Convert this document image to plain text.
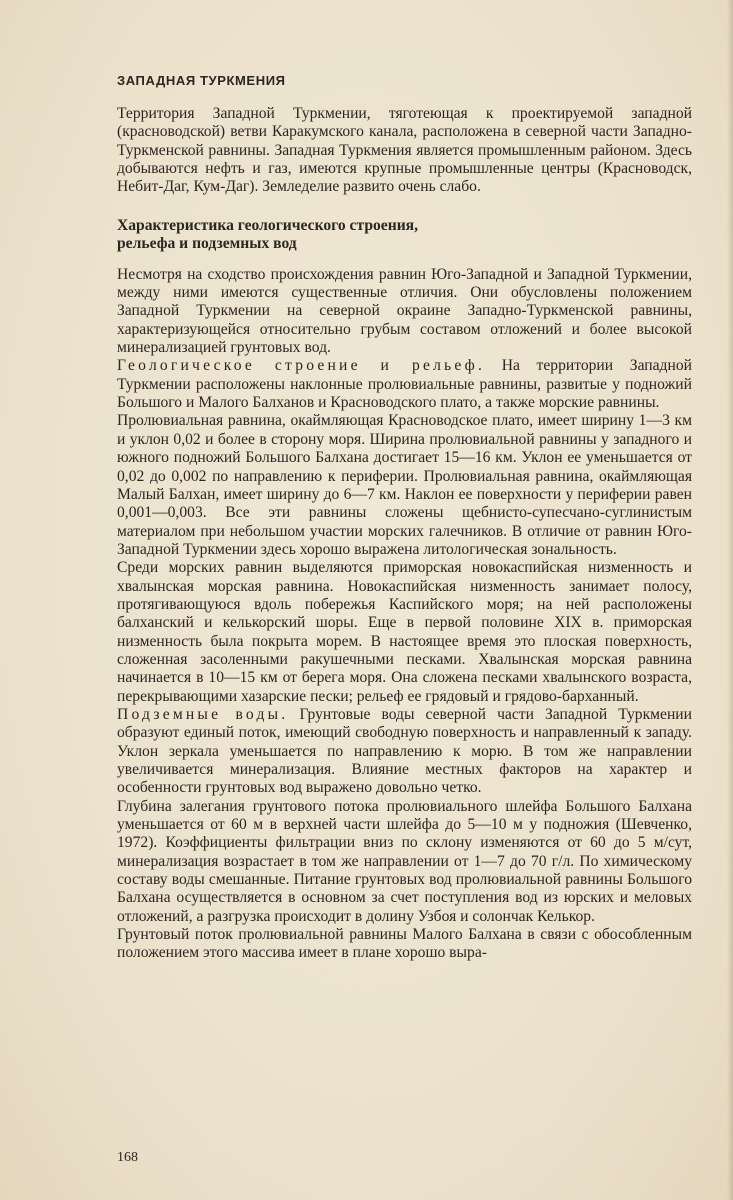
ЗАПАДНАЯ ТУРКМЕНИЯ

Территория Западной Туркмении, тяготеющая к проектируемой западной (красноводской) ветви Каракумского канала, расположена в северной части Западно-Туркменской равнины. Западная Туркмения является промышленным районом. Здесь добываются нефть и газ, имеются крупные промышленные центры (Красноводск, Небит-Даг, Кум-Даг). Земледелие развито очень слабо.

Характеристика геологического строения,
рельефа и подземных вод

Несмотря на сходство происхождения равнин Юго-Западной и Западной Туркмении, между ними имеются существенные отличия. Они обусловлены положением Западной Туркмении на северной окраине Западно-Туркменской равнины, характеризующейся относительно грубым составом отложений и более высокой минерализацией грунтовых вод.

Геологическое строение и рельеф. На территории Западной Туркмении расположены наклонные пролювиальные равнины, развитые у подножий Большого и Малого Балханов и Красноводского плато, а также морские равнины.

Пролювиальная равнина, окаймляющая Красноводское плато, имеет ширину 1—3 км и уклон 0,02 и более в сторону моря. Ширина пролювиальной равнины у западного и южного подножий Большого Балхана достигает 15—16 км. Уклон ее уменьшается от 0,02 до 0,002 по направлению к периферии. Пролювиальная равнина, окаймляющая Малый Балхан, имеет ширину до 6—7 км. Наклон ее поверхности у периферии равен 0,001—0,003. Все эти равнины сложены щебнисто-супесчано-суглинистым материалом при небольшом участии морских галечников. В отличие от равнин Юго-Западной Туркмении здесь хорошо выражена литологическая зональность.

Среди морских равнин выделяются приморская новокаспийская низменность и хвалынская морская равнина. Новокаспийская низменность занимает полосу, протягивающуюся вдоль побережья Каспийского моря; на ней расположены балханский и келькорский шоры. Еще в первой половине XIX в. приморская низменность была покрыта морем. В настоящее время это плоская поверхность, сложенная засоленными ракушечными песками. Хвалынская морская равнина начинается в 10—15 км от берега моря. Она сложена песками хвалынского возраста, перекрывающими хазарские пески; рельеф ее грядовый и грядово-барханный.

Подземные воды. Грунтовые воды северной части Западной Туркмении образуют единый поток, имеющий свободную поверхность и направленный к западу. Уклон зеркала уменьшается по направлению к морю. В том же направлении увеличивается минерализация. Влияние местных факторов на характер и особенности грунтовых вод выражено довольно четко.

Глубина залегания грунтового потока пролювиального шлейфа Большого Балхана уменьшается от 60 м в верхней части шлейфа до 5—10 м у подножия (Шевченко, 1972). Коэффициенты фильтрации вниз по склону изменяются от 60 до 5 м/сут, минерализация возрастает в том же направлении от 1—7 до 70 г/л. По химическому составу воды смешанные. Питание грунтовых вод пролювиальной равнины Большого Балхана осуществляется в основном за счет поступления вод из юрских и меловых отложений, а разгрузка происходит в долину Узбоя и солончак Келькор.

Грунтовый поток пролювиальной равнины Малого Балхана в связи с обособленным положением этого массива имеет в плане хорошо выра-

168
